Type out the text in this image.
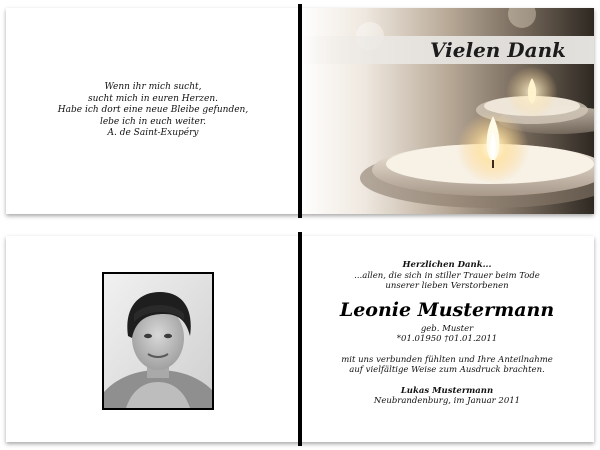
Wenn ihr mich sucht,
sucht mich in euren Herzen.
Habe ich dort eine neue Bleibe gefunden,
lebe ich in euch weiter.
A. de Saint-Exupéry
Vielen Dank
Herzlichen Dank...
...allen, die sich in stiller Trauer beim Tode
unserer lieben Verstorbenen
Leonie Mustermann
geb. Muster
*01.01950 †01.01.2011
mit uns verbunden fühlten und Ihre Anteilnahme
auf vielfältige Weise zum Ausdruck brachten.
Lukas Mustermann
Neubrandenburg, im Januar 2011
